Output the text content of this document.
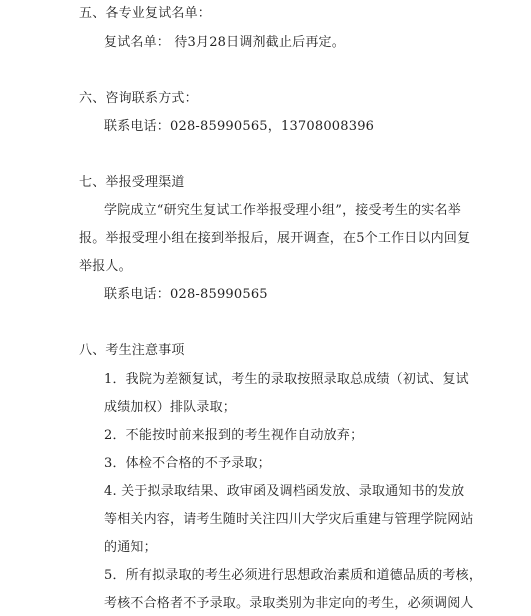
五、各专业复试名单：
复试名单： 待3月28日调剂截止后再定。
六、咨询联系方式：
联系电话：028-85990565，13708008396
七、举报受理渠道
学院成立“研究生复试工作举报受理小组”，接受考生的实名举
报。举报受理小组在接到举报后，展开调查，在5个工作日以内回复
举报人。
联系电话：028-85990565
八、考生注意事项
1．我院为差额复试，考生的录取按照录取总成绩（初试、复试
成绩加权）排队录取；
2．不能按时前来报到的考生视作自动放弃；
3．体检不合格的不予录取；
4. 关于拟录取结果、政审函及调档函发放、录取通知书的发放
等相关内容，请考生随时关注四川大学灾后重建与管理学院网站
的通知；
5．所有拟录取的考生必须进行思想政治素质和道德品质的考核，
考核不合格者不予录取。录取类别为非定向的考生，必须调阅人
